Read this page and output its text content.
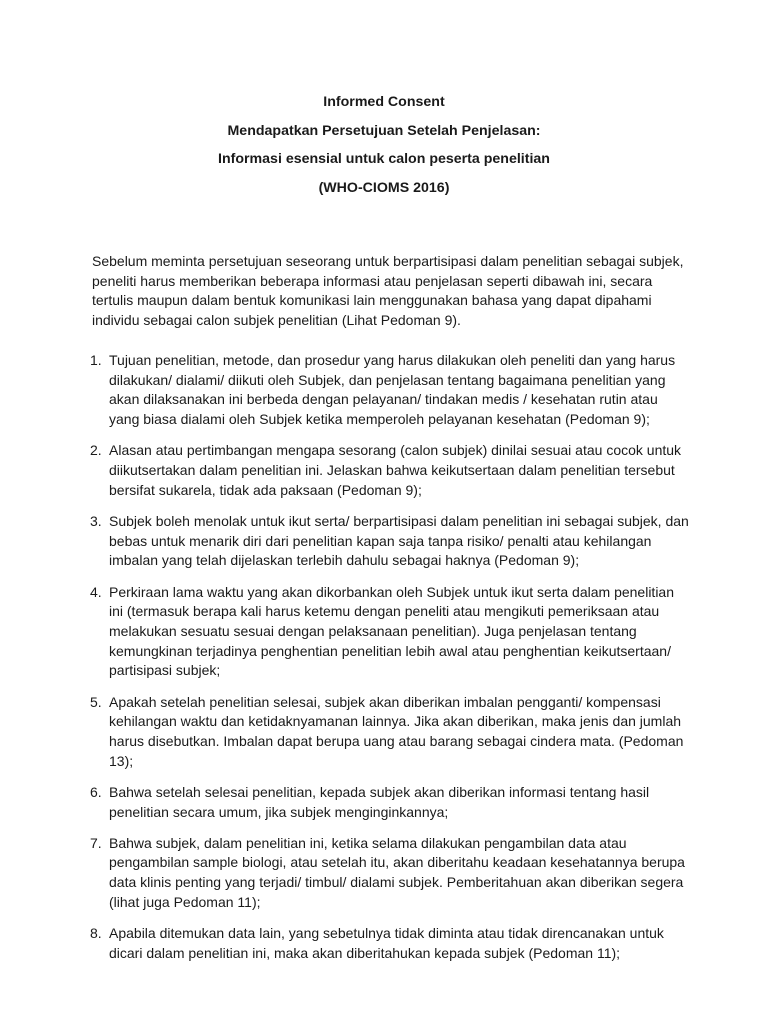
Informed Consent
Mendapatkan Persetujuan Setelah Penjelasan:
Informasi esensial untuk calon peserta penelitian
(WHO-CIOMS 2016)

Sebelum meminta persetujuan seseorang untuk berpartisipasi dalam penelitian sebagai subjek, peneliti harus memberikan beberapa informasi atau penjelasan seperti dibawah ini, secara tertulis maupun dalam bentuk komunikasi lain menggunakan bahasa yang dapat dipahami individu sebagai calon subjek penelitian (Lihat Pedoman 9).

1. Tujuan penelitian, metode, dan prosedur yang harus dilakukan oleh peneliti dan yang harus dilakukan/ dialami/ diikuti oleh Subjek, dan penjelasan tentang bagaimana penelitian yang akan dilaksanakan ini berbeda dengan pelayanan/ tindakan medis / kesehatan rutin atau yang biasa dialami oleh Subjek ketika memperoleh pelayanan kesehatan (Pedoman 9);
2. Alasan atau pertimbangan mengapa sesorang (calon subjek) dinilai sesuai atau cocok untuk diikutsertakan dalam penelitian ini. Jelaskan bahwa keikutsertaan dalam penelitian tersebut bersifat sukarela, tidak ada paksaan (Pedoman 9);
3. Subjek boleh menolak untuk ikut serta/ berpartisipasi dalam penelitian ini sebagai subjek, dan bebas untuk menarik diri dari penelitian kapan saja tanpa risiko/ penalti atau kehilangan imbalan yang telah dijelaskan terlebih dahulu sebagai haknya (Pedoman 9);
4. Perkiraan lama waktu yang akan dikorbankan oleh Subjek untuk ikut serta dalam penelitian ini (termasuk berapa kali harus ketemu dengan peneliti atau mengikuti pemeriksaan atau melakukan sesuatu sesuai dengan pelaksanaan penelitian). Juga penjelasan tentang kemungkinan terjadinya penghentian penelitian lebih awal atau penghentian keikutsertaan/ partisipasi subjek;
5. Apakah setelah penelitian selesai, subjek akan diberikan imbalan pengganti/ kompensasi kehilangan waktu dan ketidaknyamanan lainnya. Jika akan diberikan, maka jenis dan jumlah harus disebutkan. Imbalan dapat berupa uang atau barang sebagai cindera mata. (Pedoman 13);
6. Bahwa setelah selesai penelitian, kepada subjek akan diberikan informasi tentang hasil penelitian secara umum, jika subjek menginginkannya;
7. Bahwa subjek, dalam penelitian ini, ketika selama dilakukan pengambilan data atau pengambilan sample biologi, atau setelah itu, akan diberitahu keadaan kesehatannya berupa data klinis penting yang terjadi/ timbul/ dialami subjek. Pemberitahuan akan diberikan segera (lihat juga Pedoman 11);
8. Apabila ditemukan data lain, yang sebetulnya tidak diminta atau tidak direncanakan untuk dicari dalam penelitian ini, maka akan diberitahukan kepada subjek (Pedoman 11);
